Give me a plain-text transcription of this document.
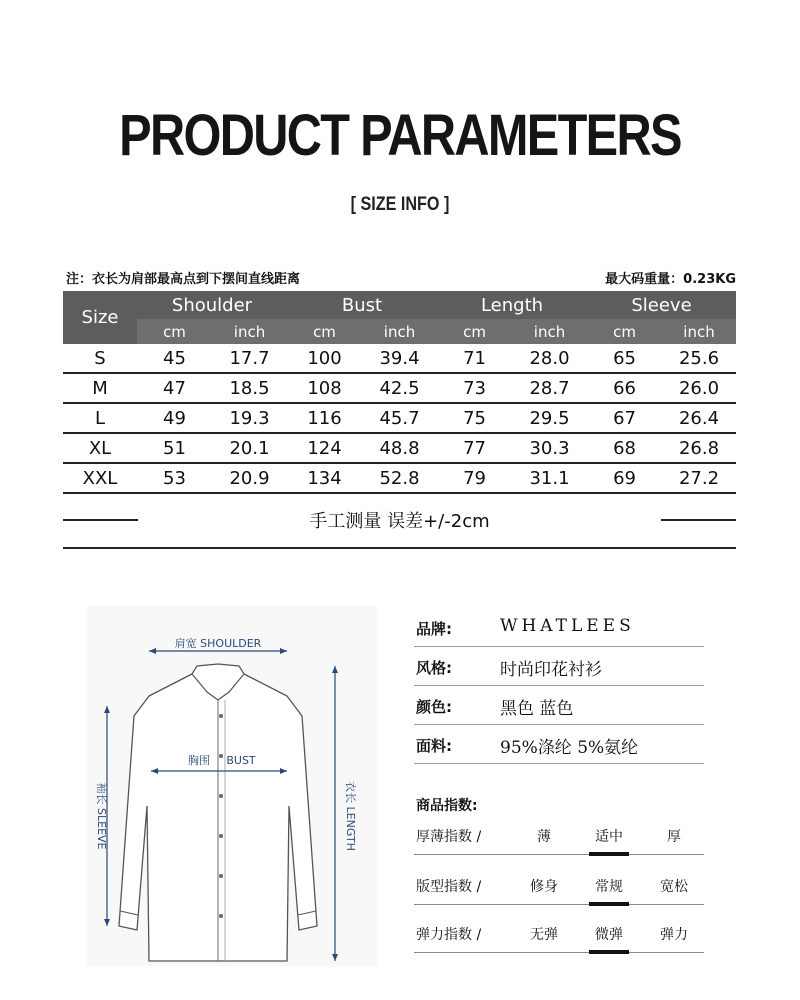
PRODUCT PARAMETERS
[ SIZE INFO ]
注：衣长为肩部最高点到下摆间直线距离	最大码重量：0.23KG
Size	Shoulder		Bust		Length		Sleeve	
	cm	inch	cm	inch	cm	inch	cm	inch
S	45	17.7	100	39.4	71	28.0	65	25.6
M	47	18.5	108	42.5	73	28.7	66	26.0
L	49	19.3	116	45.7	75	29.5	67	26.4
XL	51	20.1	124	48.8	77	30.3	68	26.8
XXL	53	20.9	134	52.8	79	31.1	69	27.2
手工测量 误差+/-2cm
肩宽 SHOULDER
胸围 BUST
袖长 SLEEVE	衣长 LENGTH
品牌:	WHATLEES
风格:	时尚印花衬衫
颜色:	黑色 蓝色
面料:	95%涤纶 5%氨纶
商品指数:
厚薄指数 /	薄	适中	厚
版型指数 /	修身	常规	宽松
弹力指数 /	无弹	微弹	弹力
